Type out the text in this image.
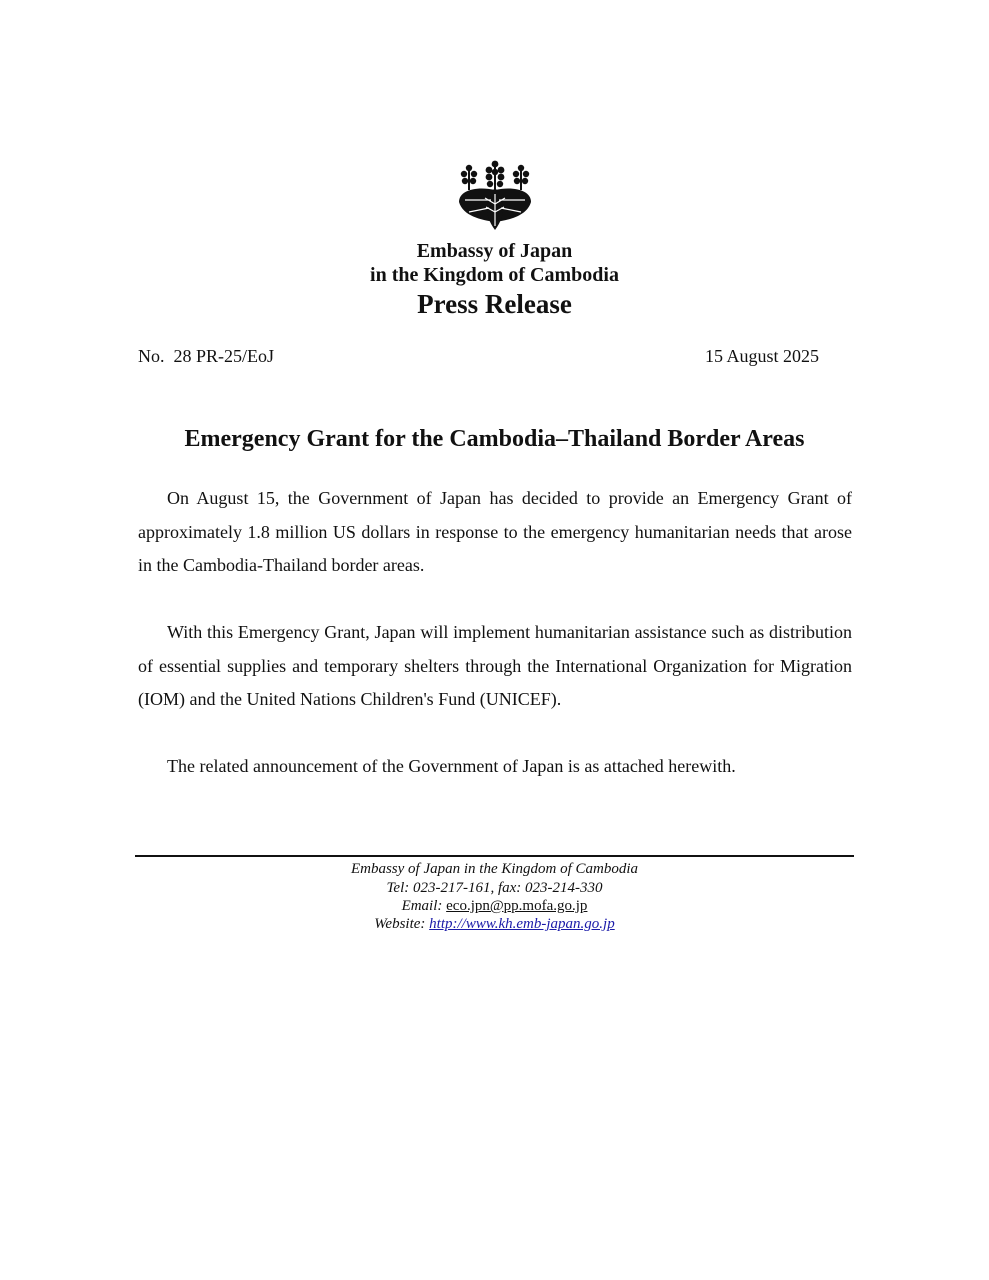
Embassy of Japan
in the Kingdom of Cambodia
Press Release
No.  28 PR-25/EoJ	15 August 2025
Emergency Grant for the Cambodia–Thailand Border Areas

On August 15, the Government of Japan has decided to provide an Emergency Grant of approximately 1.8 million US dollars in response to the emergency humanitarian needs that arose in the Cambodia-Thailand border areas.

With this Emergency Grant, Japan will implement humanitarian assistance such as distribution of essential supplies and temporary shelters through the International Organization for Migration (IOM) and the United Nations Children's Fund (UNICEF).

The related announcement of the Government of Japan is as attached herewith.

Embassy of Japan in the Kingdom of Cambodia
Tel: 023-217-161, fax: 023-214-330
Email: eco.jpn@pp.mofa.go.jp
Website: http://www.kh.emb-japan.go.jp
